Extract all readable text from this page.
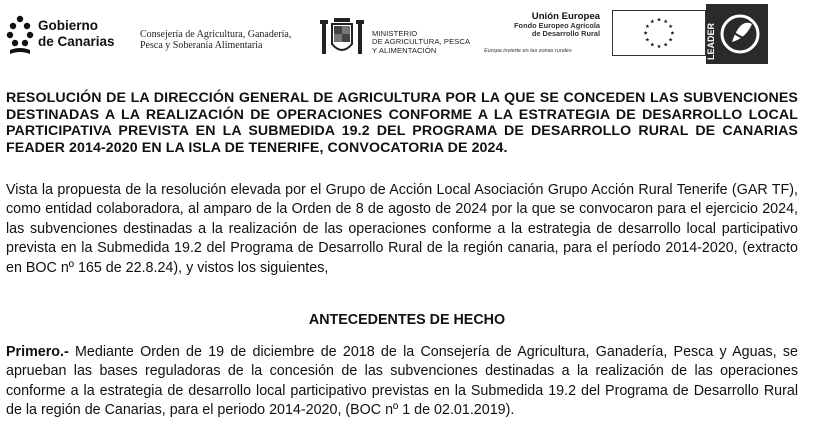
Gobierno
de Canarias	Consejería de Agricultura, Ganadería,
Pesca y Soberanía Alimentaria
MINISTERIO
DE AGRICULTURA, PESCA
Y ALIMENTACIÓN
Unión Europea
Fondo Europeo Agrícola
de Desarrollo Rural
Europa invierte en las zonas rurales	LEADER
RESOLUCIÓN DE LA DIRECCIÓN GENERAL DE AGRICULTURA POR LA QUE SE CONCEDEN LAS SUBVENCIONES DESTINADAS A LA REALIZACIÓN DE OPERACIONES CONFORME A LA ESTRATEGIA DE DESARROLLO LOCAL PARTICIPATIVA PREVISTA EN LA SUBMEDIDA 19.2 DEL PROGRAMA DE DESARROLLO RURAL DE CANARIAS FEADER 2014-2020 EN LA ISLA DE TENERIFE, CONVOCATORIA DE 2024.
Vista la propuesta de la resolución elevada por el Grupo de Acción Local Asociación Grupo Acción Rural Tenerife (GAR TF), como entidad colaboradora, al amparo de la Orden de 8 de agosto de 2024 por la que se convocaron para el ejercicio 2024, las subvenciones destinadas a la realización de las operaciones conforme a la estrategia de desarrollo local participativo prevista en la Submedida 19.2 del Programa de Desarrollo Rural de la región canaria, para el período 2014-2020, (extracto en BOC nº 165 de 22.8.24), y vistos los siguientes,
ANTECEDENTES DE HECHO
Primero.- Mediante Orden de 19 de diciembre de 2018 de la Consejería de Agricultura, Ganadería, Pesca y Aguas, se aprueban las bases reguladoras de la concesión de las subvenciones destinadas a la realización de las operaciones conforme a la estrategia de desarrollo local participativo previstas en la Submedida 19.2 del Programa de Desarrollo Rural de la región de Canarias, para el periodo 2014-2020, (BOC nº 1 de 02.01.2019).
